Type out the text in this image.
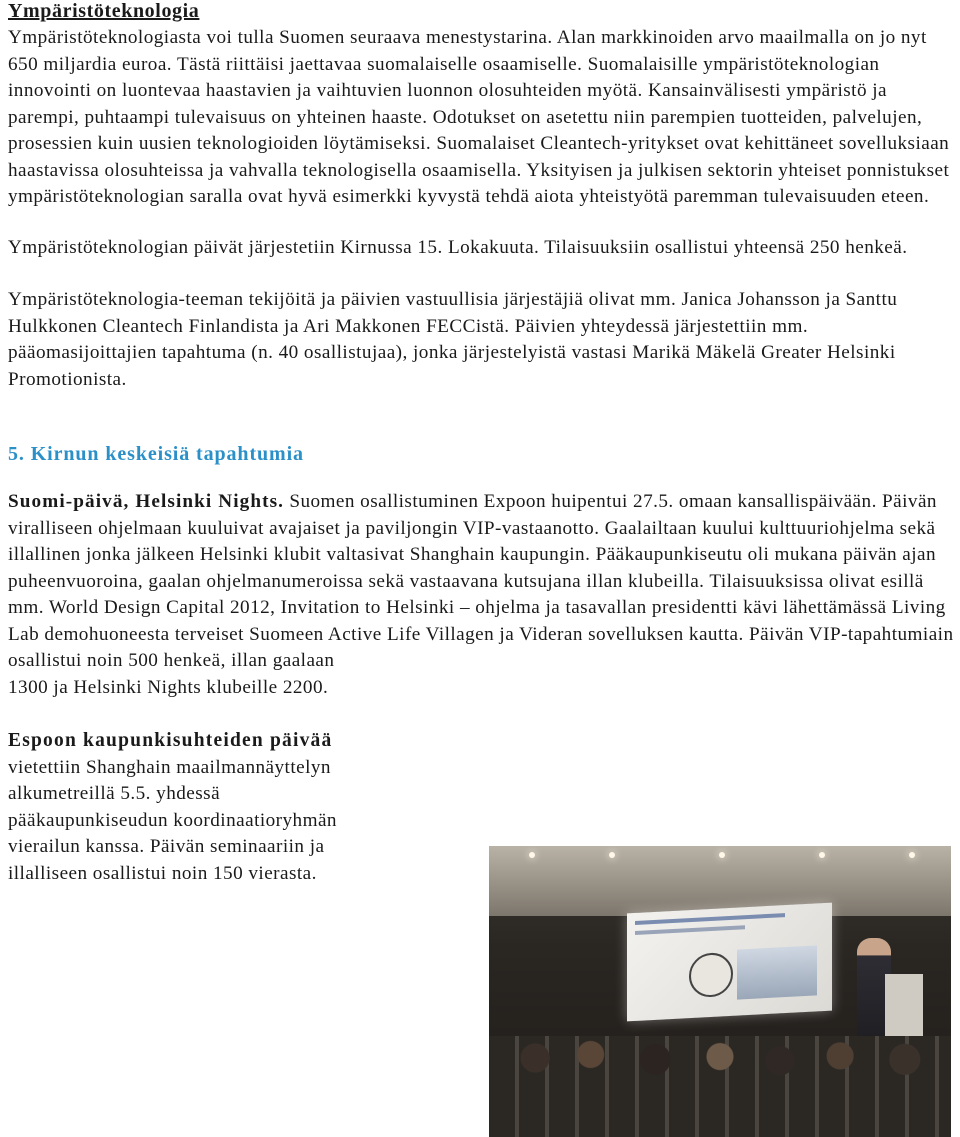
Ympäristöteknologia

Ympäristöteknologiasta voi tulla Suomen seuraava menestystarina. Alan markkinoiden arvo maailmalla on jo nyt 650 miljardia euroa. Tästä riittäisi jaettavaa suomalaiselle osaamiselle. Suomalaisille ympäristöteknologian innovointi on luontevaa haastavien ja vaihtuvien luonnon olosuhteiden myötä. Kansainvälisesti ympäristö ja parempi, puhtaampi tulevaisuus on yhteinen haaste. Odotukset on asetettu niin parempien tuotteiden, palvelujen, prosessien kuin uusien teknologioiden löytämiseksi. Suomalaiset Cleantech-yritykset ovat kehittäneet sovelluksiaan haastavissa olosuhteissa ja vahvalla teknologisella osaamisella. Yksityisen ja julkisen sektorin yhteiset ponnistukset ympäristöteknologian saralla ovat hyvä esimerkki kyvystä tehdä aiota yhteistyötä paremman tulevaisuuden eteen.

Ympäristöteknologian päivät järjestetiin Kirnussa 15. Lokakuuta. Tilaisuuksiin osallistui yhteensä 250 henkeä.

Ympäristöteknologia-teeman tekijöitä ja päivien vastuullisia järjestäjiä olivat mm. Janica Johansson ja Santtu Hulkkonen Cleantech Finlandista ja Ari Makkonen FECCistä. Päivien yhteydessä järjestettiin mm. pääomasijoittajien tapahtuma (n. 40 osallistujaa), jonka järjestelyistä vastasi Marikä Mäkelä Greater Helsinki Promotionista.

5. Kirnun keskeisiä tapahtumia

Suomi-päivä, Helsinki Nights. Suomen osallistuminen Expoon huipentui 27.5. omaan kansallispäivään. Päivän viralliseen ohjelmaan kuuluivat avajaiset ja paviljongin VIP-vastaanotto. Gaalailtaan kuului kulttuuriohjelma sekä illallinen jonka jälkeen Helsinki klubit valtasivat Shanghain kaupungin. Pääkaupunkiseutu oli mukana päivän ajan puheenvuoroina, gaalan ohjelmanumeroissa sekä vastaavana kutsujana illan klubeilla. Tilaisuuksissa olivat esillä mm. World Design Capital 2012, Invitation to Helsinki – ohjelma ja tasavallan presidentti kävi lähettämässä Living Lab demohuoneesta terveiset Suomeen Active Life Villagen ja Videran sovelluksen kautta. Päivän VIP-tapahtumiain

osallistui noin 500 henkeä, illan gaalaan

1300 ja Helsinki Nights klubeille 2200.

Espoon kaupunkisuhteiden päivää

vietettiin Shanghain maailmannäyttelyn

alkumetreillä 5.5. yhdessä

pääkaupunkiseudun koordinaatioryhmän

vierailun kanssa. Päivän seminaariin ja

illalliseen osallistui noin 150 vierasta.
